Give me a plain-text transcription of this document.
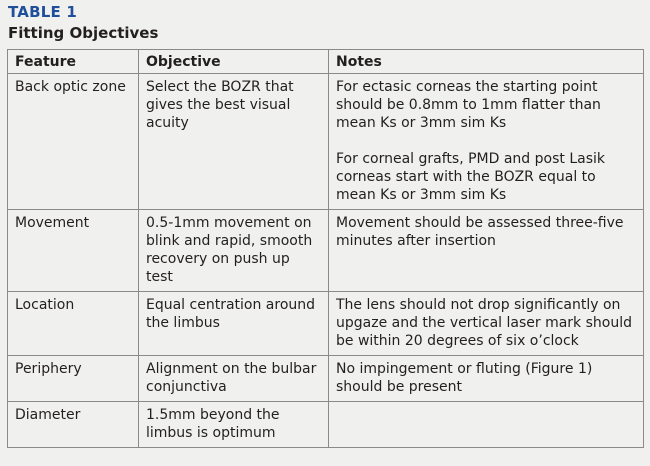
TABLE 1
Fitting Objectives
Feature	Objective	Notes
Back optic zone	Select the BOZR that gives the best visual acuity	For ectasic corneas the starting point should be 0.8mm to 1mm flatter than mean Ks or 3mm sim Ks
For corneal grafts, PMD and post Lasik corneas start with the BOZR equal to mean Ks or 3mm sim Ks

Movement	0.5-1mm movement on blink and rapid, smooth recovery on push up test	Movement should be assessed three-five minutes after insertion

Location	Equal centration around the limbus	The lens should not drop significantly on upgaze and the vertical laser mark should be within 20 degrees of six o’clock

Periphery	Alignment on the bulbar conjunctiva	No impingement or fluting (Figure 1) should be present

Diameter	1.5mm beyond the limbus is optimum	
